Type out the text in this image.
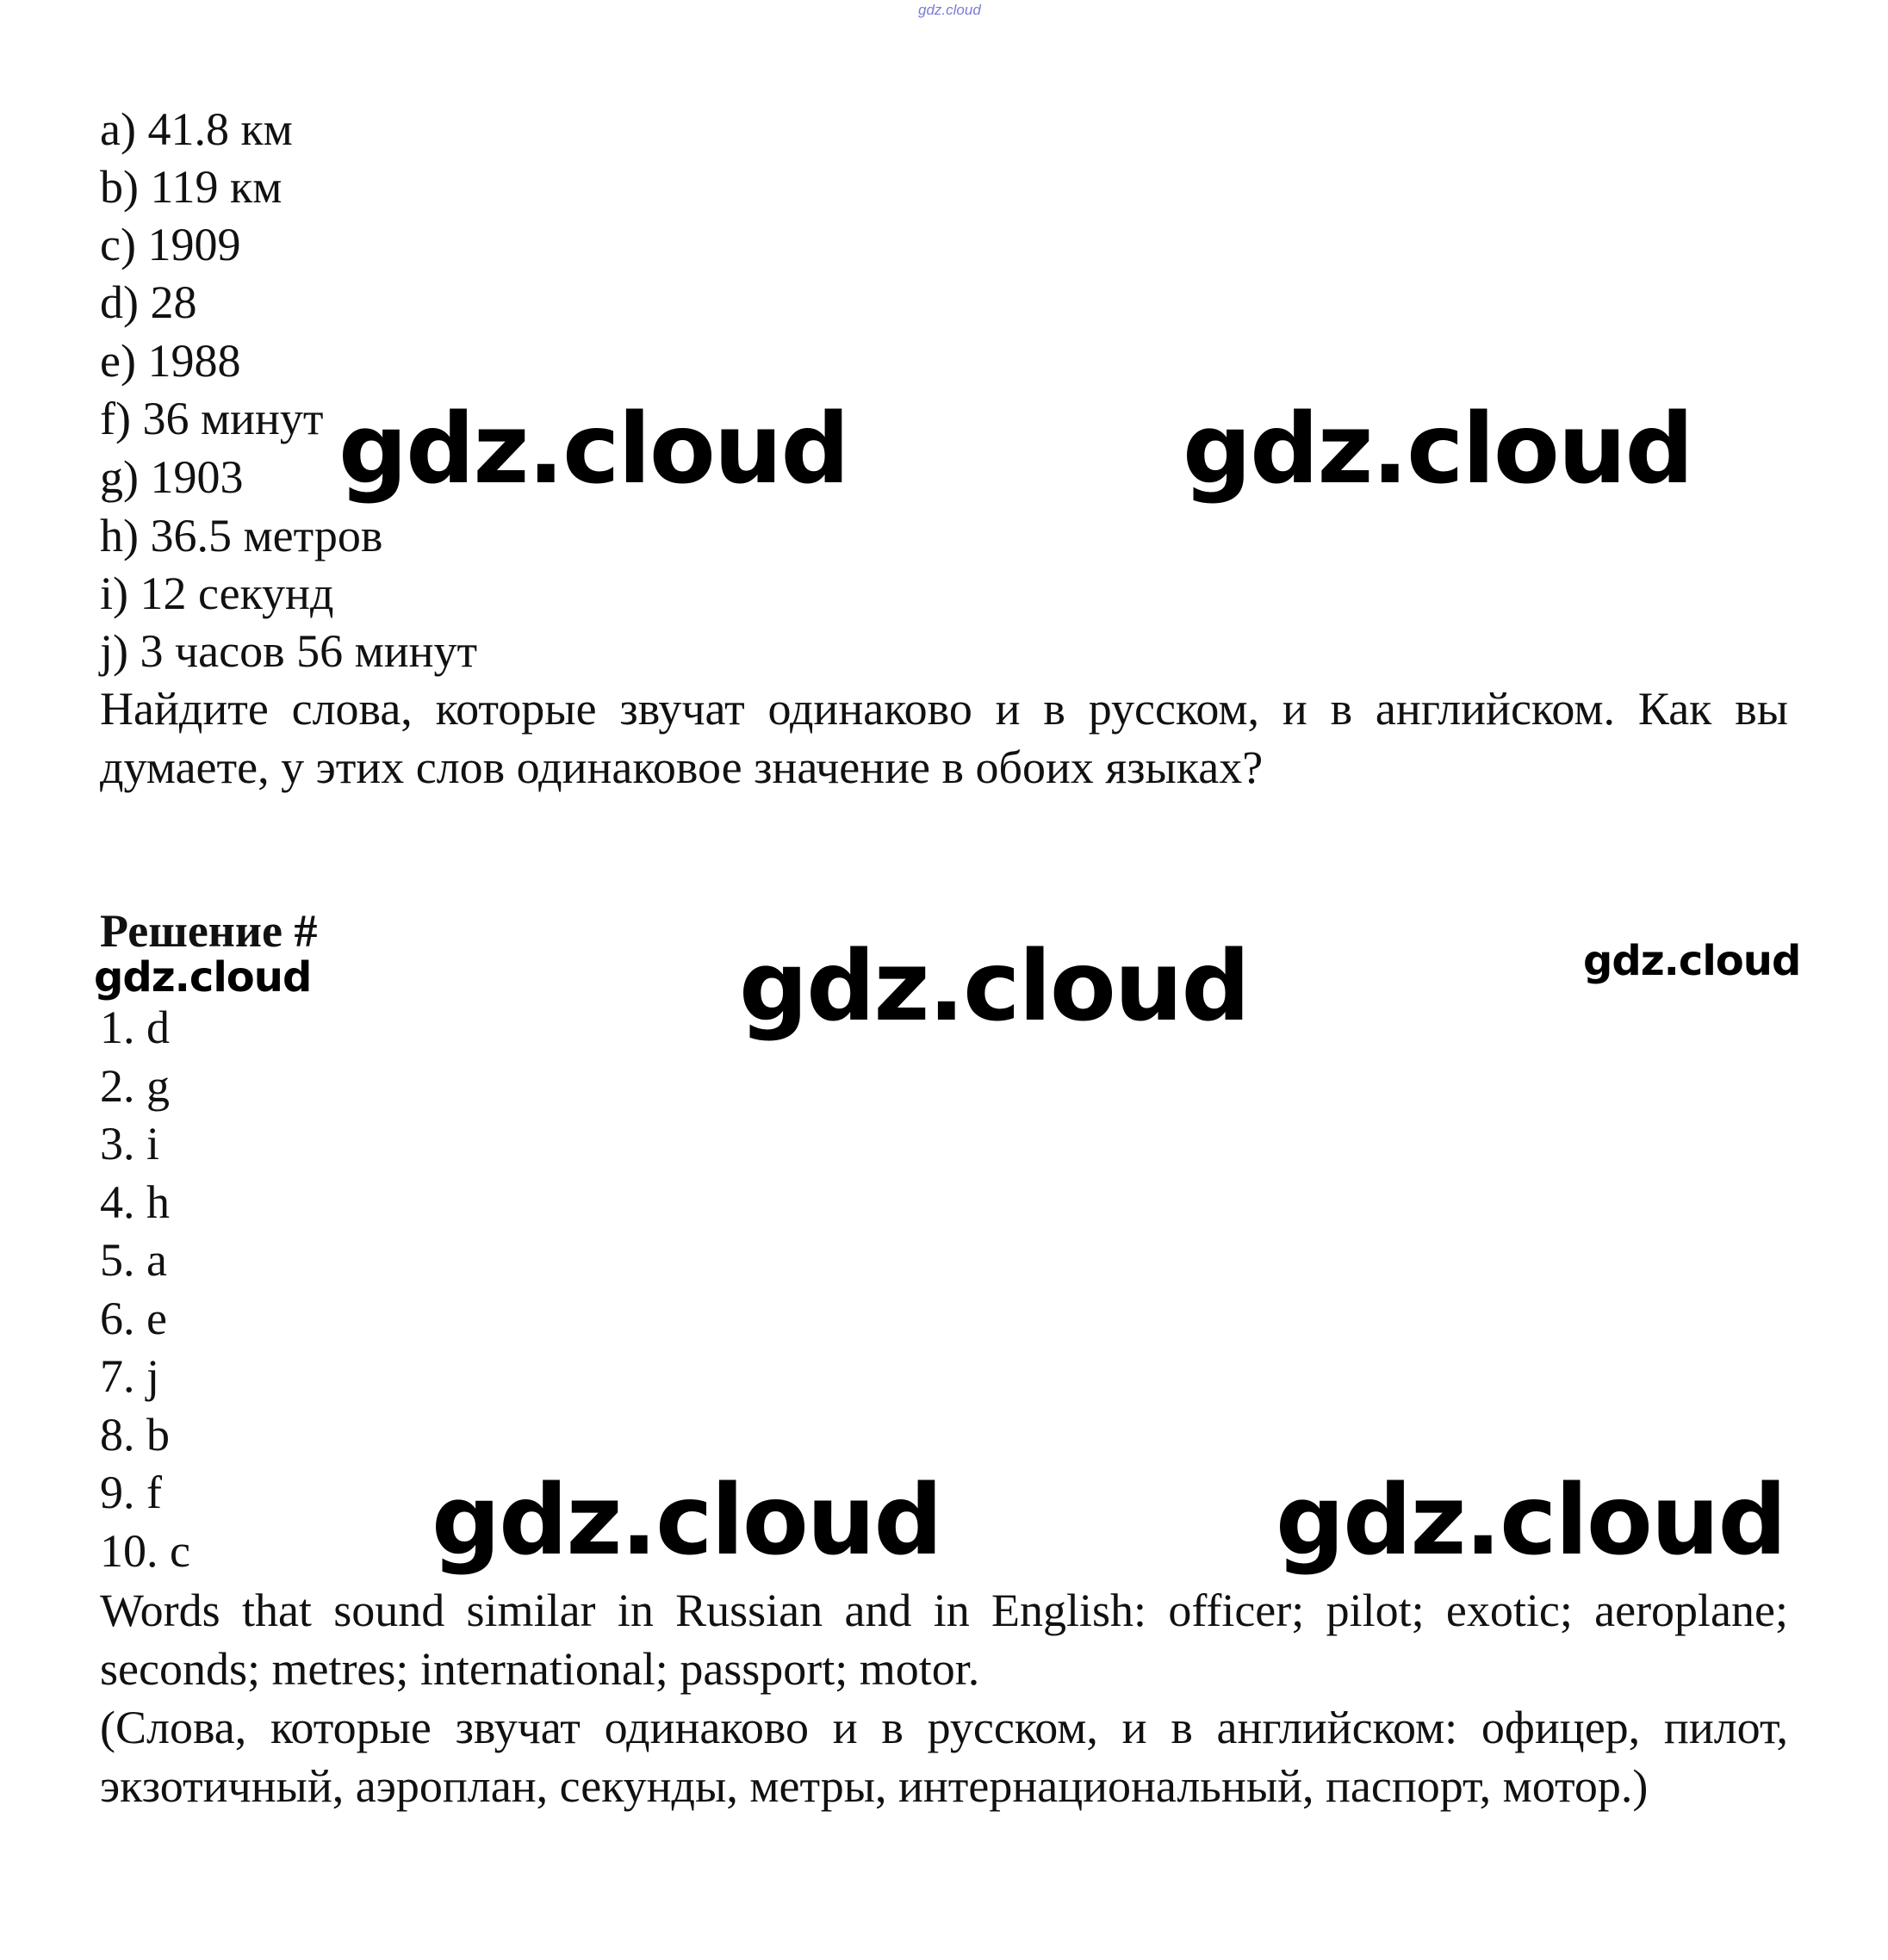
gdz.cloud
a) 41.8 км
b) 119 км
c) 1909
d) 28
e) 1988
f) 36 минут
g) 1903
h) 36.5 метров
i) 12 секунд
j) 3 часов 56 минут
Найдите слова, которые звучат одинаково и в русском, и в английском. Как вы думаете, у этих слов одинаковое значение в обоих языках?
Решение #
1. d
2. g
3. i
4. h
5. a
6. e
7. j
8. b
9. f
10. c
Words that sound similar in Russian and in English: officer; pilot; exotic; aeroplane; seconds; metres; international; passport; motor.
(Слова, которые звучат одинаково и в русском, и в английском: офицер, пилот, экзотичный, аэроплан, секунды, метры, интернациональный, паспорт, мотор.)
gdz.cloud	gdz.cloud
gdz.cloud
gdz.cloud	gdz.cloud
gdz.cloud	gdz.cloud
